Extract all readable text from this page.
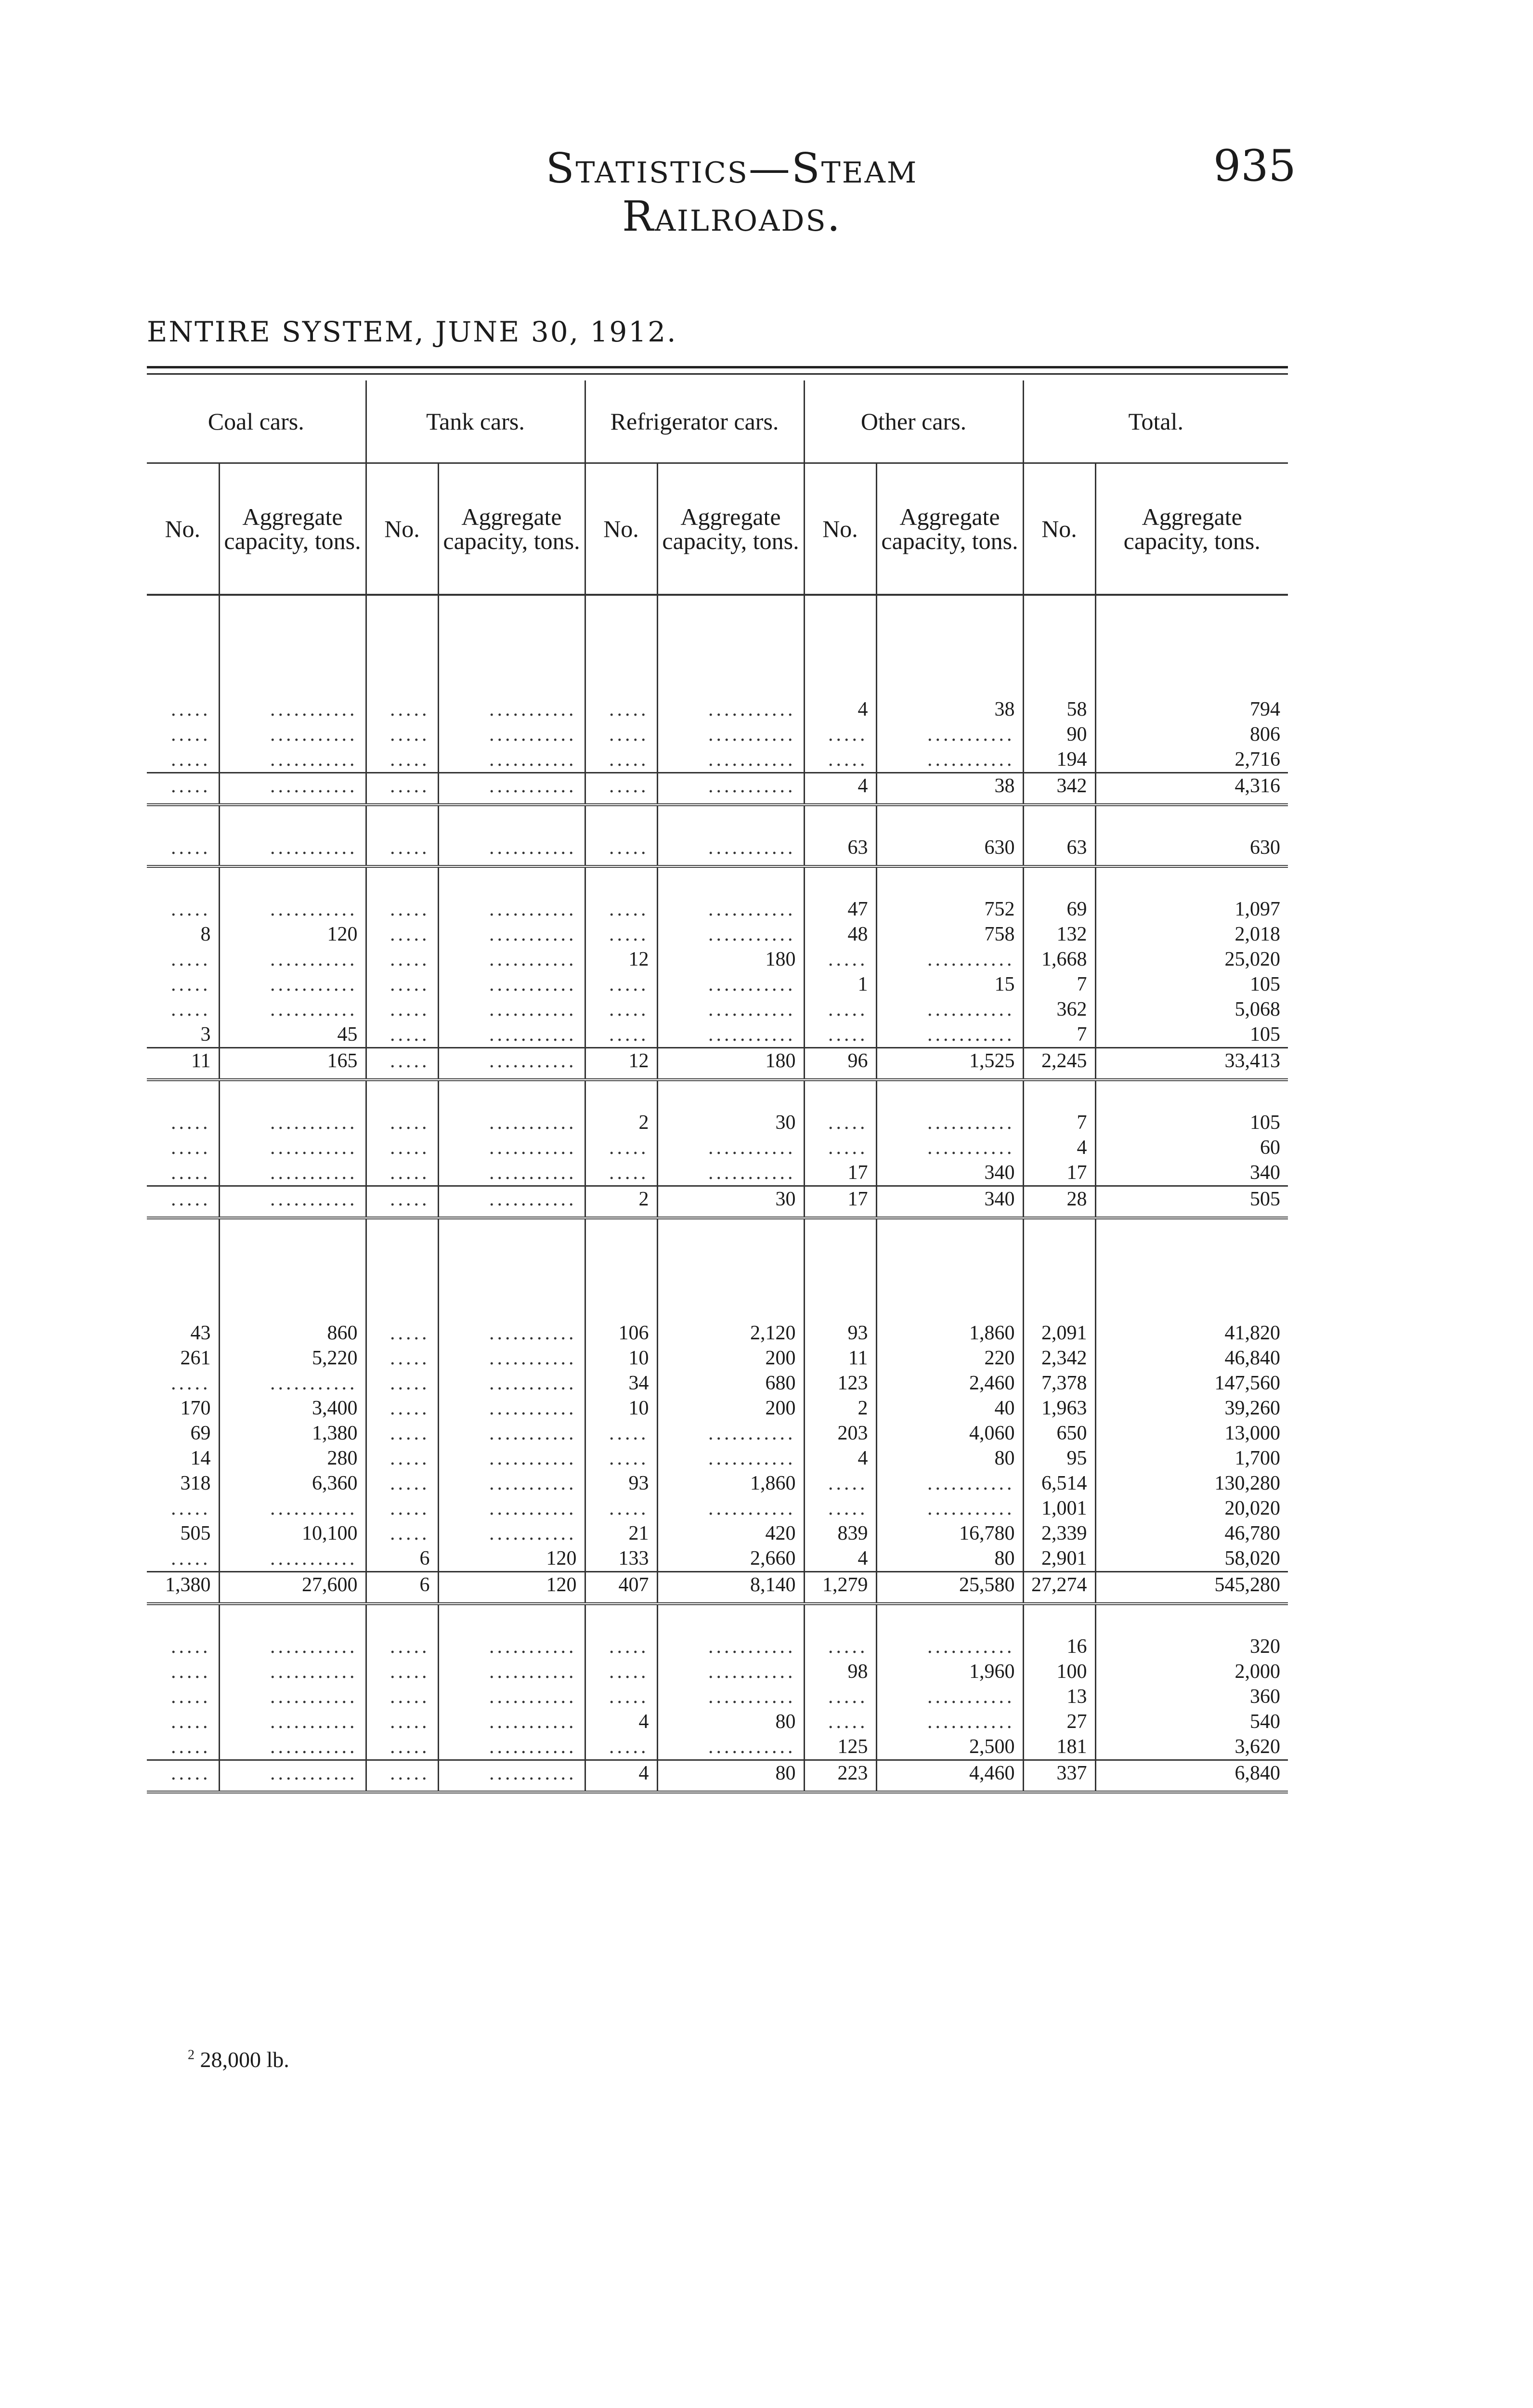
Statistics—Steam Railroads.
935
ENTIRE SYSTEM, JUNE 30, 1912.
Coal cars.		Tank cars.		Refrigerator cars.		Other cars.		Total.	
No.	Aggregate capacity, tons.	No.	Aggregate capacity, tons.	No.	Aggregate capacity, tons.	No.	Aggregate capacity, tons.	No.	Aggregate capacity, tons.

.....	...........	.....	...........	.....	...........	4	38	58	794
.....	...........	.....	...........	.....	...........	.....	...........	90	806
.....	...........	.....	...........	.....	...........	.....	...........	194	2,716
.....	...........	.....	...........	.....	...........	4	38	342	4,316

.....	...........	.....	...........	.....	...........	63	630	63	630

.....	...........	.....	...........	.....	...........	47	752	69	1,097
8	120	.....	...........	.....	...........	48	758	132	2,018
.....	...........	.....	...........	12	180	.....	...........	1,668	25,020
.....	...........	.....	...........	.....	...........	1	15	7	105
.....	...........	.....	...........	.....	...........	.....	...........	362	5,068
3	45	.....	...........	.....	...........	.....	...........	7	105
11	165	.....	...........	12	180	96	1,525	2,245	33,413

.....	...........	.....	...........	2	30	.....	...........	7	105
.....	...........	.....	...........	.....	...........	.....	...........	4	60
.....	...........	.....	...........	.....	...........	17	340	17	340
.....	...........	.....	...........	2	30	17	340	28	505

43	860	.....	...........	106	2,120	93	1,860	2,091	41,820
261	5,220	.....	...........	10	200	11	220	2,342	46,840
.....	...........	.....	...........	34	680	123	2,460	7,378	147,560
170	3,400	.....	...........	10	200	2	40	1,963	39,260
69	1,380	.....	...........	.....	...........	203	4,060	650	13,000
14	280	.....	...........	.....	...........	4	80	95	1,700
318	6,360	.....	...........	93	1,860	.....	...........	6,514	130,280
.....	...........	.....	...........	.....	...........	.....	...........	1,001	20,020
505	10,100	.....	...........	21	420	839	16,780	2,339	46,780
.....	...........	6	120	133	2,660	4	80	2,901	58,020
1,380	27,600	6	120	407	8,140	1,279	25,580	27,274	545,280

.....	...........	.....	...........	.....	...........	.....	...........	16	320
.....	...........	.....	...........	.....	...........	98	1,960	100	2,000
.....	...........	.....	...........	.....	...........	.....	...........	13	360
.....	...........	.....	...........	4	80	.....	...........	27	540
.....	...........	.....	...........	.....	...........	125	2,500	181	3,620
.....	...........	.....	...........	4	80	223	4,460	337	6,840

$^2$ 28,000 lb.
